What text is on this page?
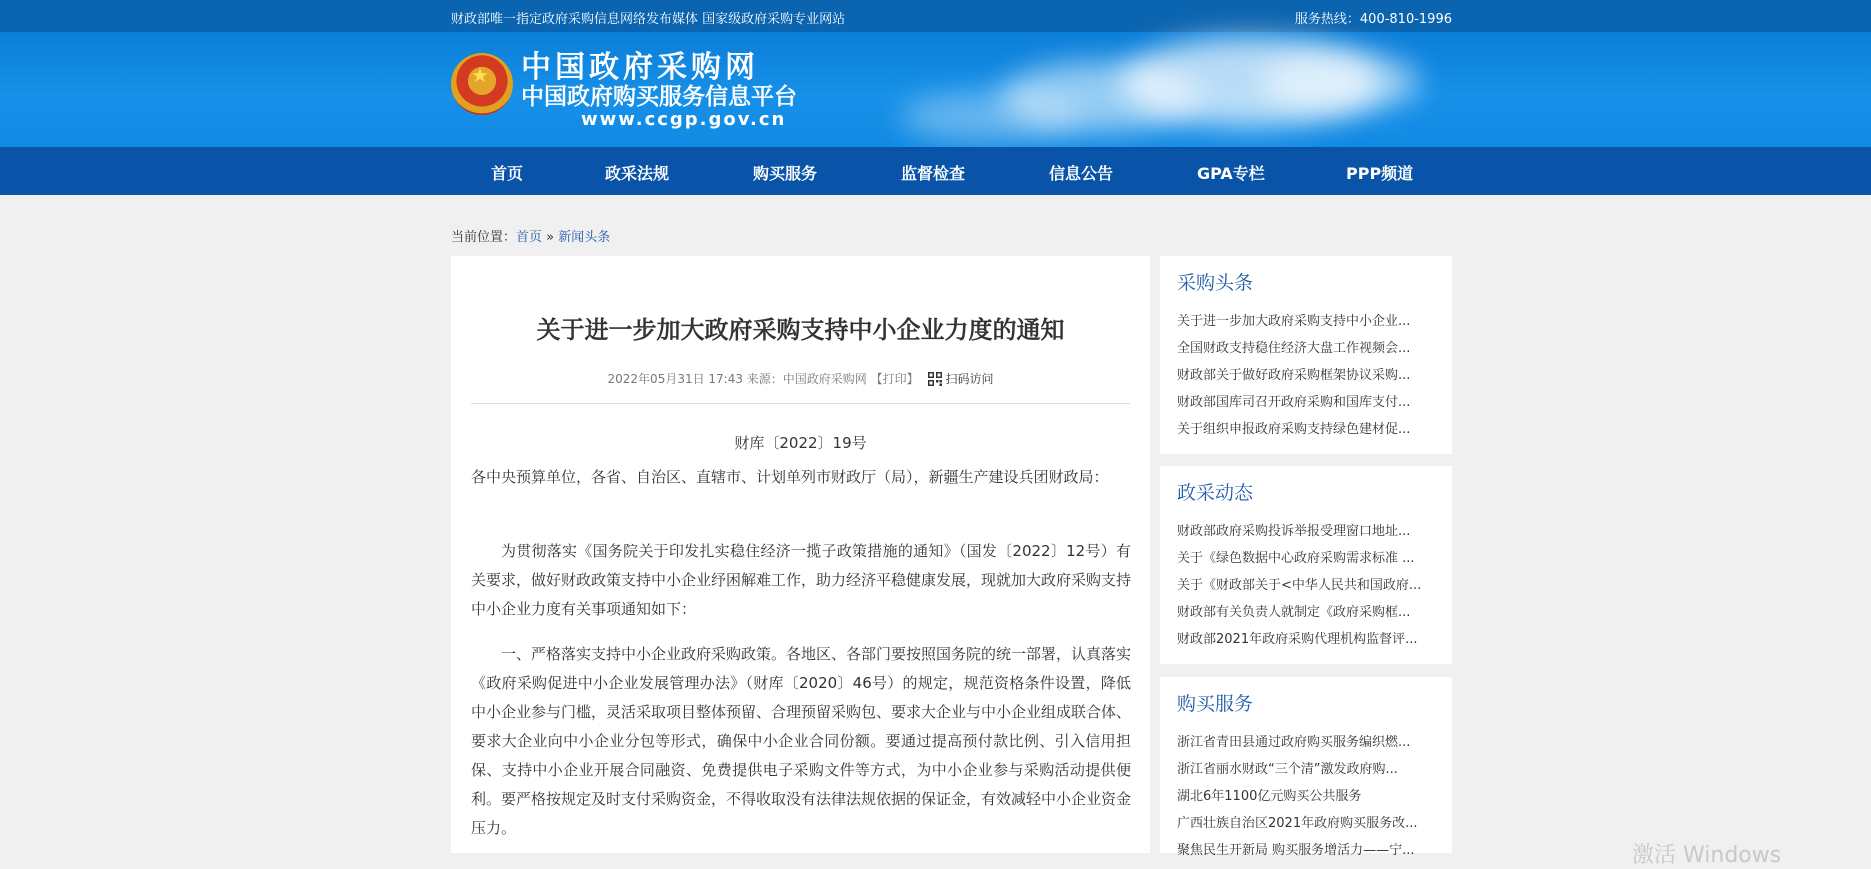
财政部唯一指定政府采购信息网络发布媒体 国家级政府采购专业网站	服务热线：400-810-1996
★ 中国政府采购网
中国政府购买服务信息平台
www.ccgp.gov.cn
首页	政采法规	购买服务	监督检查	信息公告	GPA专栏	PPP频道
当前位置：首页 » 新闻头条
关于进一步加大政府采购支持中小企业力度的通知
2022年05月31日 17:43 来源：中国政府采购网 【打印】 扫码访问
财库〔2022〕19号

各中央预算单位，各省、自治区、直辖市、计划单列市财政厅（局），新疆生产建设兵团财政局：

为贯彻落实《国务院关于印发扎实稳住经济一揽子政策措施的通知》（国发〔2022〕12号）有关要求，做好财政政策支持中小企业纾困解难工作，助力经济平稳健康发展，现就加大政府采购支持中小企业力度有关事项通知如下：

一、严格落实支持中小企业政府采购政策。各地区、各部门要按照国务院的统一部署，认真落实《政府采购促进中小企业发展管理办法》（财库〔2020〕46号）的规定，规范资格条件设置，降低中小企业参与门槛，灵活采取项目整体预留、合理预留采购包、要求大企业与中小企业组成联合体、要求大企业向中小企业分包等形式，确保中小企业合同份额。要通过提高预付款比例、引入信用担保、支持中小企业开展合同融资、免费提供电子采购文件等方式，为中小企业参与采购活动提供便利。要严格按规定及时支付采购资金，不得收取没有法律法规依据的保证金，有效减轻中小企业资金压力。

采购头条
关于进一步加大政府采购支持中小企业...
全国财政支持稳住经济大盘工作视频会...
财政部关于做好政府采购框架协议采购...
财政部国库司召开政府采购和国库支付...
关于组织申报政府采购支持绿色建材促...
政采动态
财政部政府采购投诉举报受理窗口地址...
关于《绿色数据中心政府采购需求标准 ...
关于《财政部关于<中华人民共和国政府...
财政部有关负责人就制定《政府采购框...
财政部2021年政府采购代理机构监督评...
购买服务
浙江省青田县通过政府购买服务编织燃...
浙江省丽水财政“三个清”激发政府购...
湖北6年1100亿元购买公共服务
广西壮族自治区2021年政府购买服务改...
聚焦民生开新局 购买服务增活力——宁...	激活 Windows
